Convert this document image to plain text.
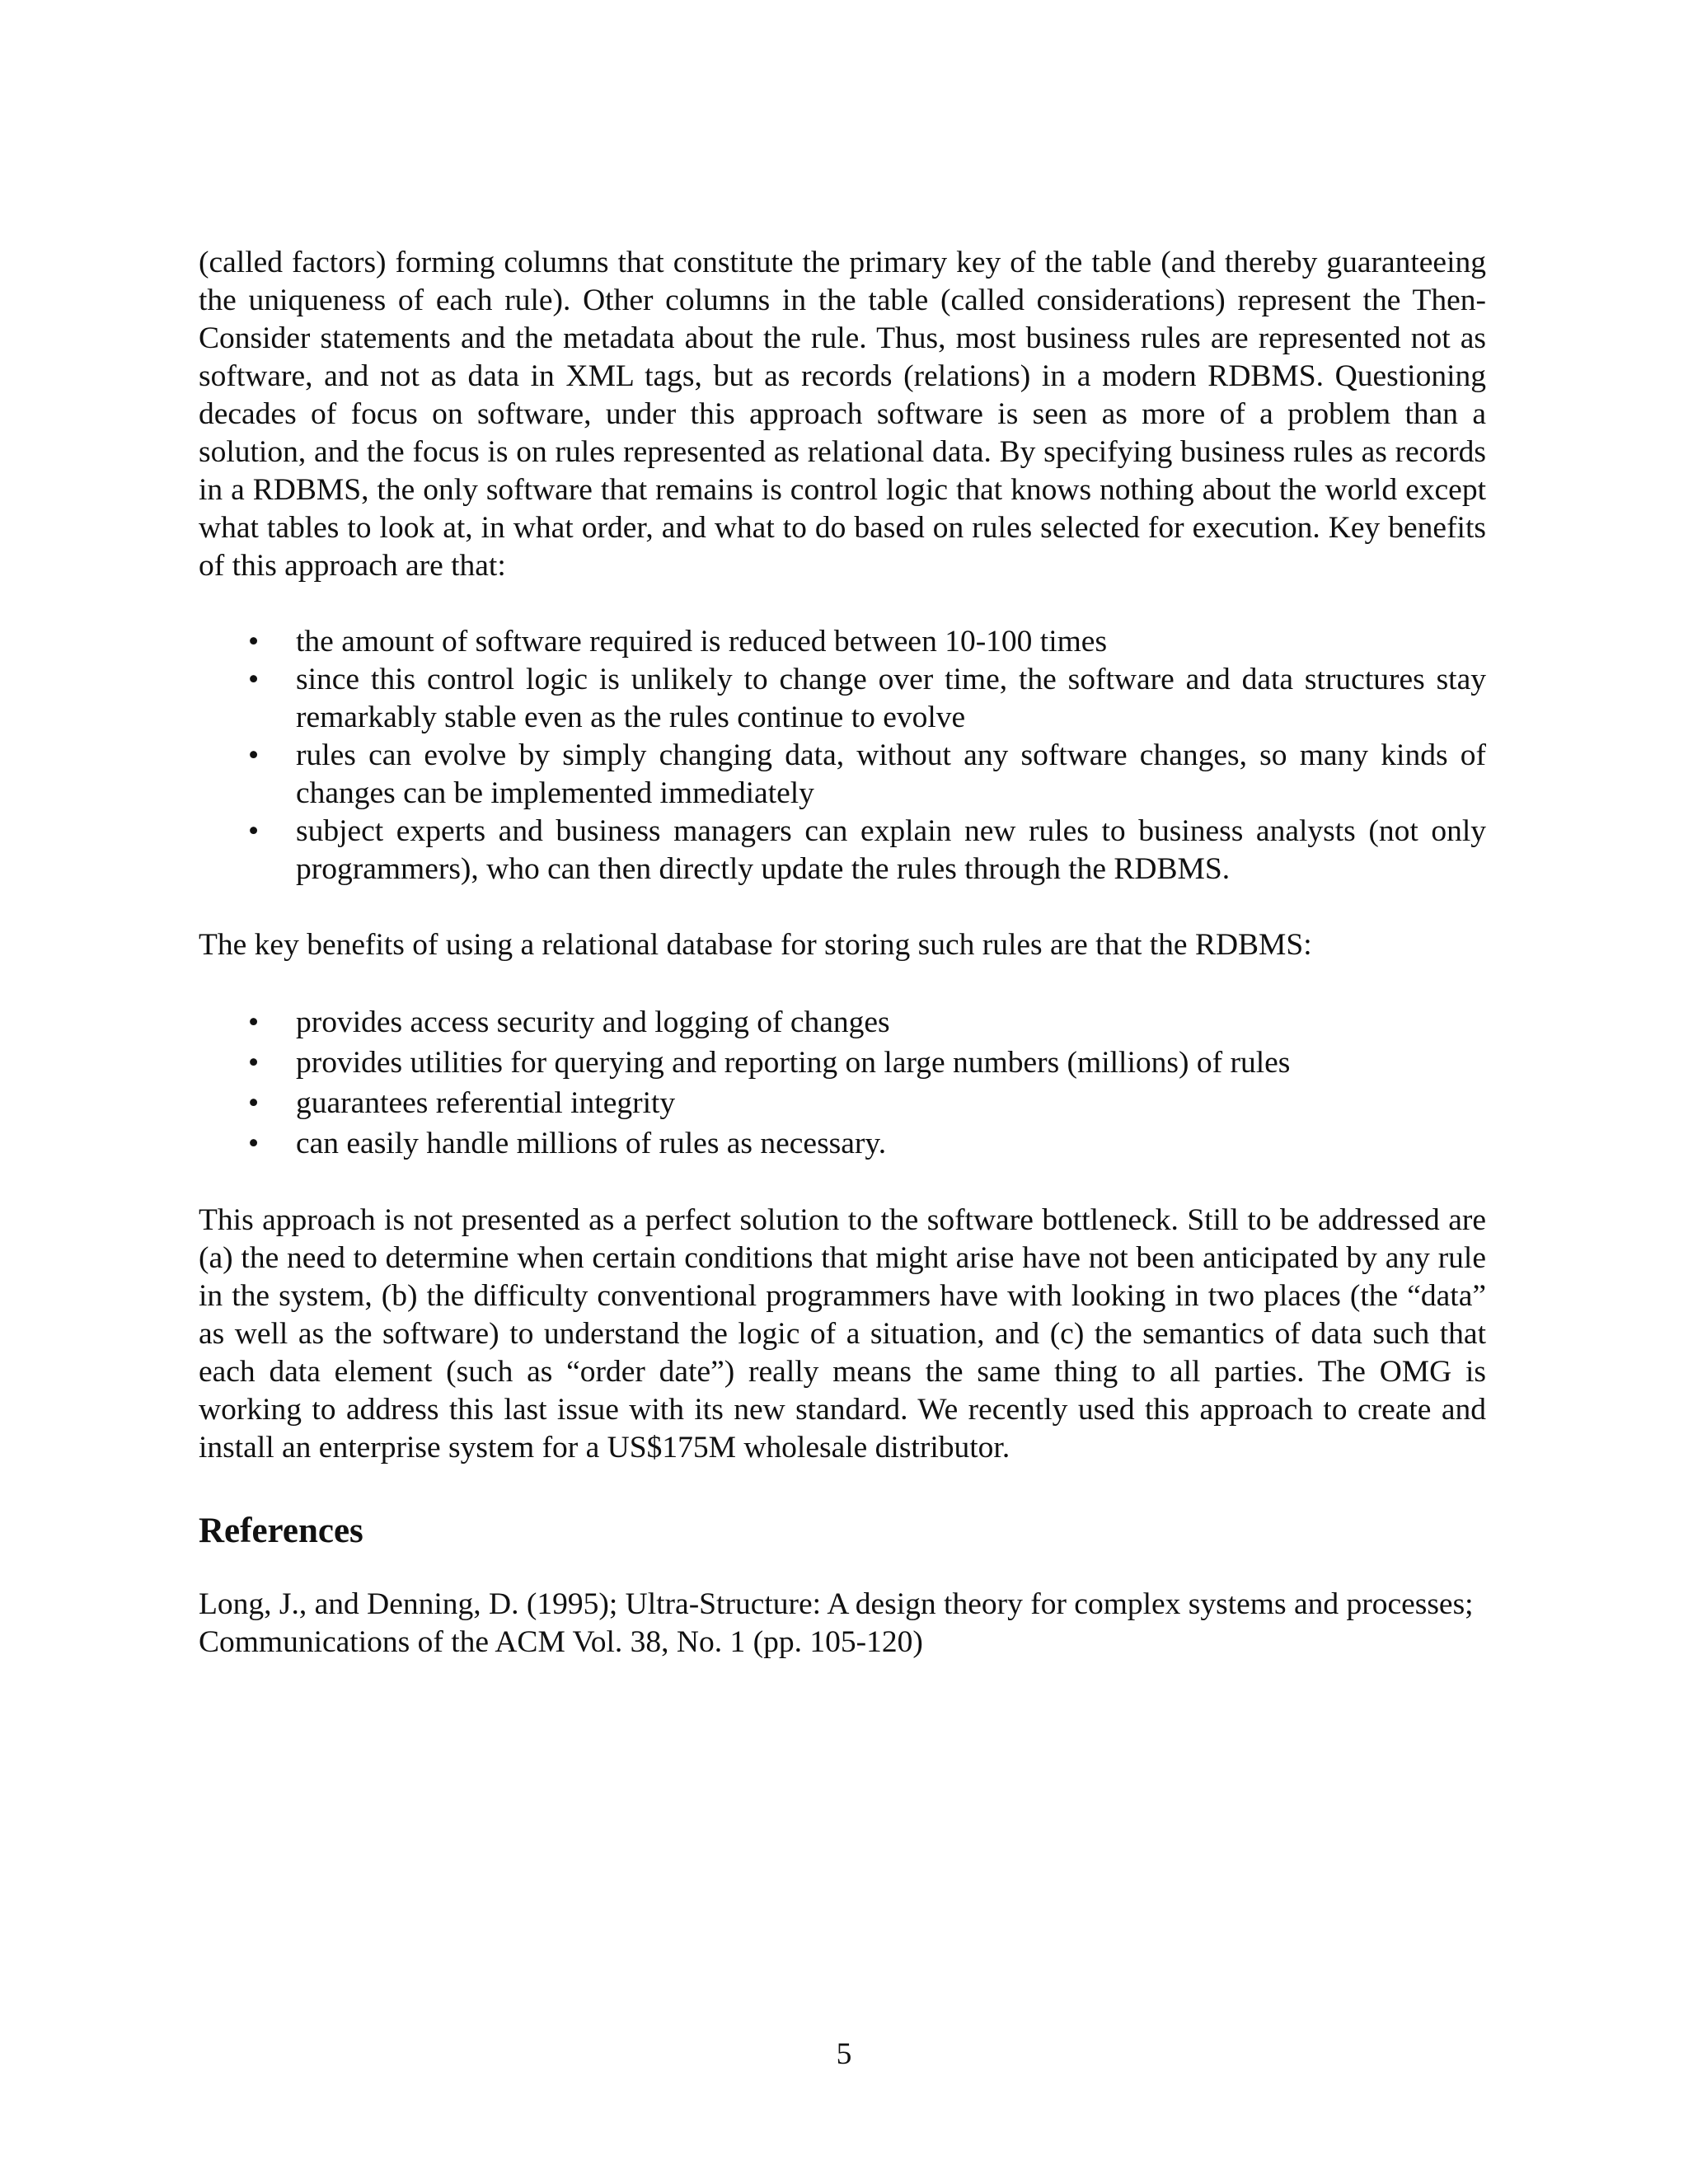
(called factors) forming columns that constitute the primary key of the table (and thereby guaranteeing the uniqueness of each rule). Other columns in the table (called considerations) represent the Then-Consider statements and the metadata about the rule. Thus, most business rules are represented not as software, and not as data in XML tags, but as records (relations) in a modern RDBMS. Questioning decades of focus on software, under this approach software is seen as more of a problem than a solution, and the focus is on rules represented as relational data. By specifying business rules as records in a RDBMS, the only software that remains is control logic that knows nothing about the world except what tables to look at, in what order, and what to do based on rules selected for execution. Key benefits of this approach are that:

• the amount of software required is reduced between 10-100 times
• since this control logic is unlikely to change over time, the software and data structures stay remarkably stable even as the rules continue to evolve
• rules can evolve by simply changing data, without any software changes, so many kinds of changes can be implemented immediately
• subject experts and business managers can explain new rules to business analysts (not only programmers), who can then directly update the rules through the RDBMS.

The key benefits of using a relational database for storing such rules are that the RDBMS:

• provides access security and logging of changes
• provides utilities for querying and reporting on large numbers (millions) of rules
• guarantees referential integrity
• can easily handle millions of rules as necessary.

This approach is not presented as a perfect solution to the software bottleneck. Still to be addressed are (a) the need to determine when certain conditions that might arise have not been anticipated by any rule in the system, (b) the difficulty conventional programmers have with looking in two places (the “data” as well as the software) to understand the logic of a situation, and (c) the semantics of data such that each data element (such as “order date”) really means the same thing to all parties. The OMG is working to address this last issue with its new standard. We recently used this approach to create and install an enterprise system for a US$175M wholesale distributor.

References

Long, J., and Denning, D. (1995); Ultra-Structure: A design theory for complex systems and processes; Communications of the ACM Vol. 38, No. 1 (pp. 105-120)

5
